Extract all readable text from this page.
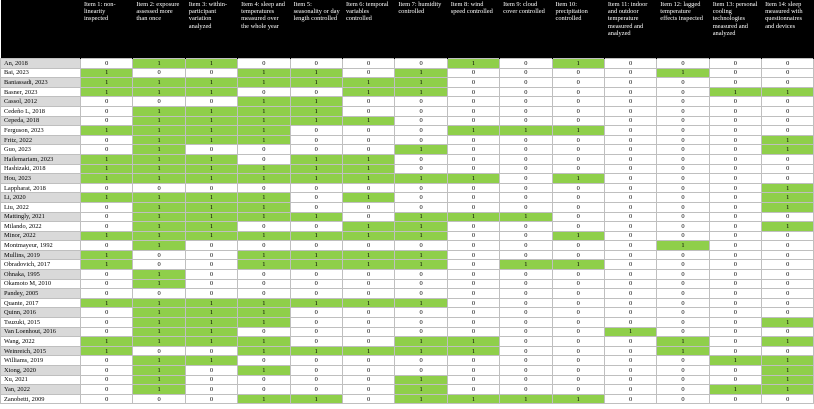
	Item 1: non-linearity inspected	Item 2: exposure assessed more than once	Item 3: within-participant variation analyzed	Item 4: sleep and temperatures measured over the whole year	Item 5: seasonality or day length controlled	Item 6: temporal variables controlled	Item 7: humidity controlled	Item 8: wind speed controlled	Item 9: cloud cover controlled	Item 10: precipitation controlled	Item 11: indoor and outdoor temperature measured and analyzed	Item 12: lagged temperature effects inspected	Item 13: personal cooling technologies measured and analyzed	Item 14: sleep measured with questionnaires and devices
An, 2018	0	1	1	0	0	0	0	1	0	1	0	0	0	0
Bai, 2023	1	0	0	1	1	0	1	0	0	0	0	1	0	0
Baniassadi, 2023	1	1	1	1	1	1	1	0	0	0	0	0	0	0
Basner, 2023	1	1	1	0	0	1	1	0	0	0	0	0	1	1
Cassol, 2012	0	0	0	1	1	0	0	0	0	0	0	0	0	0
Cedeño L, 2018	0	1	1	1	1	0	0	0	0	0	0	0	0	0
Cepeda, 2018	0	1	1	1	1	1	0	0	0	0	0	0	0	0
Ferguson, 2023	1	1	1	1	0	0	0	1	1	1	0	0	0	0
Fritz, 2022	0	1	1	1	0	0	0	0	0	0	0	0	0	1
Guo, 2023	0	1	0	0	0	0	1	0	0	0	0	0	0	1
Hailemariam, 2023	1	1	1	0	1	1	0	0	0	0	0	0	0	0
Hashizaki, 2018	1	1	1	1	1	1	0	0	0	0	0	0	0	0
Hou, 2023	1	1	1	1	1	1	1	1	0	1	0	0	0	0
Lappharat, 2018	0	0	0	0	0	0	0	0	0	0	0	0	0	1
Li, 2020	1	1	1	1	0	1	0	0	0	0	0	0	0	1
Liu, 2022	0	1	1	1	0	0	0	0	0	0	0	0	0	1
Mattingly, 2021	0	1	1	1	1	0	1	1	1	0	0	0	0	0
Milando, 2022	0	1	1	0	0	1	1	0	0	0	0	0	0	1
Minor, 2022	1	1	1	1	1	1	1	0	0	1	0	0	0	0
Montmayeur, 1992	0	1	0	0	0	0	0	0	0	0	0	1	0	0
Mullins, 2019	1	0	0	1	1	1	1	0	0	0	0	0	0	0
Obradovich, 2017	1	0	0	1	1	1	1	0	1	1	0	0	0	0
Ohnaka, 1995	0	1	0	0	0	0	0	0	0	0	0	0	0	0
Okamoto M, 2010	0	1	0	0	0	0	0	0	0	0	0	0	0	0
Pandey, 2005	0	0	0	0	0	0	0	0	0	0	0	0	0	0
Quante, 2017	1	1	1	1	1	1	1	0	0	0	0	0	0	0
Quinn, 2016	0	1	1	1	0	0	0	0	0	0	0	0	0	0
Tsuzuki, 2015	0	1	1	1	0	0	0	0	0	0	0	0	0	1
Van Loenhout, 2016	0	1	1	0	0	0	0	0	0	0	1	0	0	0
Wang, 2022	1	1	1	1	0	0	1	1	0	0	0	1	0	1
Weinreich, 2015	1	0	0	1	1	1	1	1	0	0	0	1	0	0
Williams, 2019	0	1	1	0	0	0	0	0	0	0	0	0	1	1
Xiong, 2020	0	1	0	1	0	0	0	0	0	0	0	0	0	1
Xu, 2021	0	1	0	0	0	0	1	0	0	0	0	0	0	1
Yan, 2022	0	1	0	0	0	0	1	0	0	0	0	0	1	1
Zanobetti, 2009	0	0	0	1	1	0	1	1	1	1	0	0	0	0
